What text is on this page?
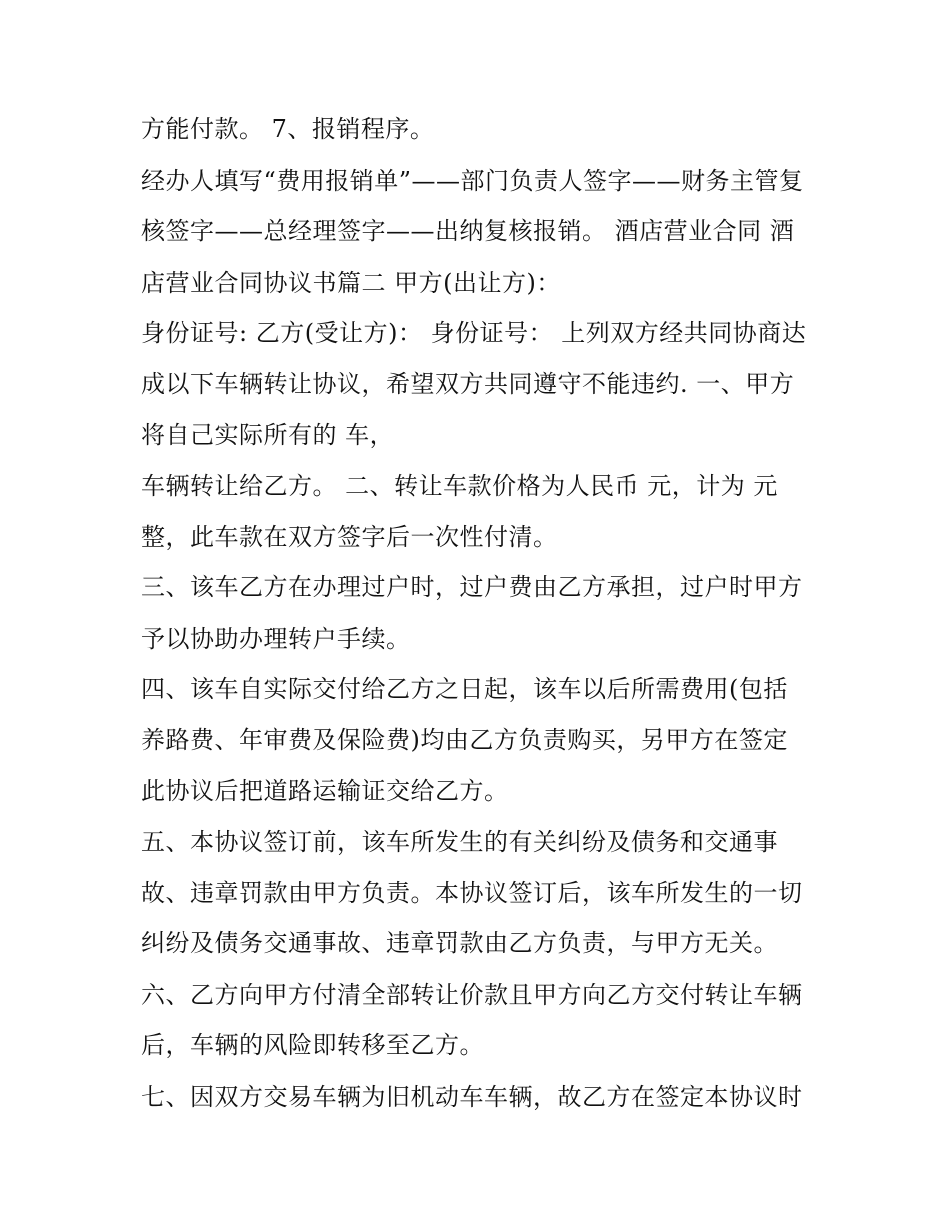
方能付款。 7、报销程序。
经办人填写“费用报销单”——部门负责人签字——财务主管复
核签字——总经理签字——出纳复核报销。 酒店营业合同 酒
店营业合同协议书篇二 甲方(出让方)：
身份证号: 乙方(受让方)： 身份证号： 上列双方经共同协商达
成以下车辆转让协议，希望双方共同遵守不能违约. 一、甲方
将自己实际所有的 车，
车辆转让给乙方。 二、转让车款价格为人民币 元，计为 元
整，此车款在双方签字后一次性付清。
三、该车乙方在办理过户时，过户费由乙方承担，过户时甲方
予以协助办理转户手续。
四、该车自实际交付给乙方之日起，该车以后所需费用(包括
养路费、年审费及保险费)均由乙方负责购买，另甲方在签定
此协议后把道路运输证交给乙方。
五、本协议签订前，该车所发生的有关纠纷及债务和交通事
故、违章罚款由甲方负责。本协议签订后，该车所发生的一切
纠纷及债务交通事故、违章罚款由乙方负责，与甲方无关。
六、乙方向甲方付清全部转让价款且甲方向乙方交付转让车辆
后，车辆的风险即转移至乙方。
七、因双方交易车辆为旧机动车车辆，故乙方在签定本协议时
